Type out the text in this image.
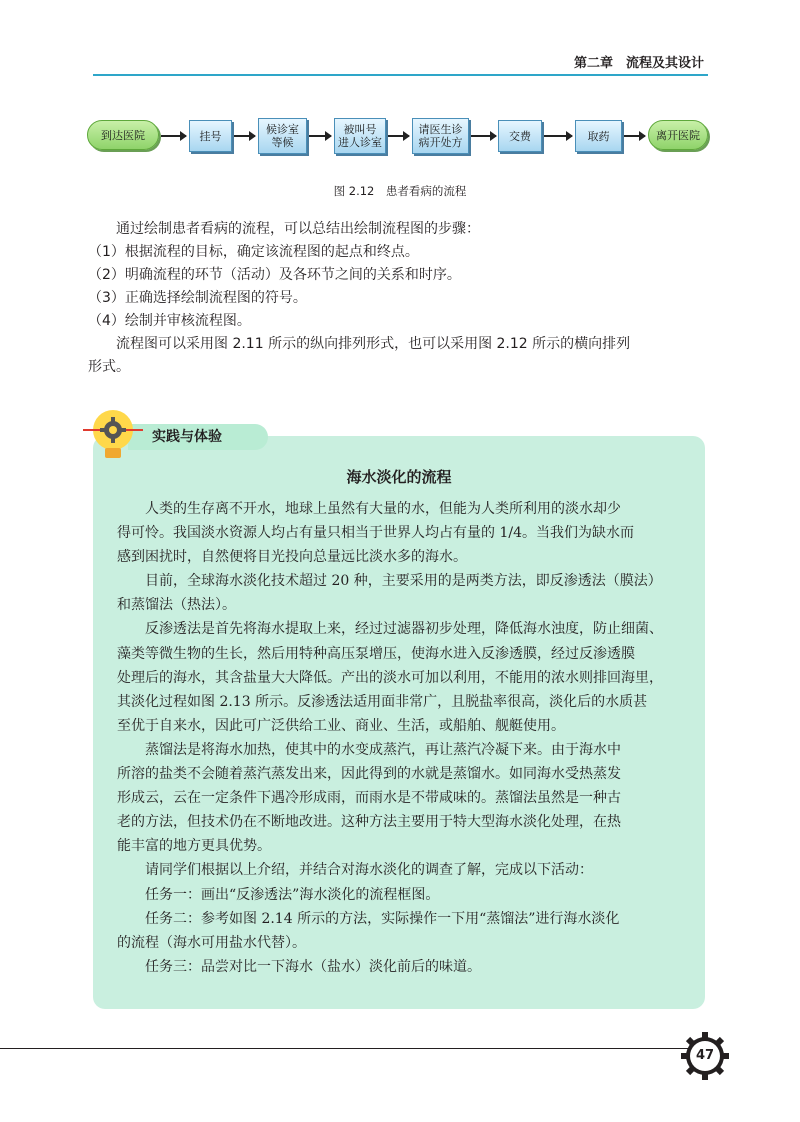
第二章　流程及其设计
到达医院	挂号	候诊室
等候
被叫号
进人诊室
请医生诊
病开处方	交费	取药	离开医院
图 2.12　患者看病的流程
通过绘制患者看病的流程，可以总结出绘制流程图的步骤：
（1）根据流程的目标，确定该流程图的起点和终点。
（2）明确流程的环节（活动）及各环节之间的关系和时序。
（3）正确选择绘制流程图的符号。
（4）绘制并审核流程图。
流程图可以采用图 2.11 所示的纵向排列形式，也可以采用图 2.12 所示的横向排列
形式。
实践与体验
海水淡化的流程
人类的生存离不开水，地球上虽然有大量的水，但能为人类所利用的淡水却少
得可怜。我国淡水资源人均占有量只相当于世界人均占有量的 1/4。当我们为缺水而
感到困扰时，自然便将目光投向总量远比淡水多的海水。
目前，全球海水淡化技术超过 20 种，主要采用的是两类方法，即反渗透法（膜法）
和蒸馏法（热法）。
反渗透法是首先将海水提取上来，经过过滤器初步处理，降低海水浊度，防止细菌、
藻类等微生物的生长，然后用特种高压泵增压，使海水进入反渗透膜，经过反渗透膜
处理后的海水，其含盐量大大降低。产出的淡水可加以利用，不能用的浓水则排回海里，
其淡化过程如图 2.13 所示。反渗透法适用面非常广，且脱盐率很高，淡化后的水质甚
至优于自来水，因此可广泛供给工业、商业、生活，或船舶、舰艇使用。
蒸馏法是将海水加热，使其中的水变成蒸汽，再让蒸汽冷凝下来。由于海水中
所溶的盐类不会随着蒸汽蒸发出来，因此得到的水就是蒸馏水。如同海水受热蒸发
形成云，云在一定条件下遇冷形成雨，而雨水是不带咸味的。蒸馏法虽然是一种古
老的方法，但技术仍在不断地改进。这种方法主要用于特大型海水淡化处理，在热
能丰富的地方更具优势。
请同学们根据以上介绍，并结合对海水淡化的调查了解，完成以下活动：
任务一：画出“反渗透法”海水淡化的流程框图。
任务二：参考如图 2.14 所示的方法，实际操作一下用“蒸馏法”进行海水淡化
的流程（海水可用盐水代替）。
任务三：品尝对比一下海水（盐水）淡化前后的味道。
47
